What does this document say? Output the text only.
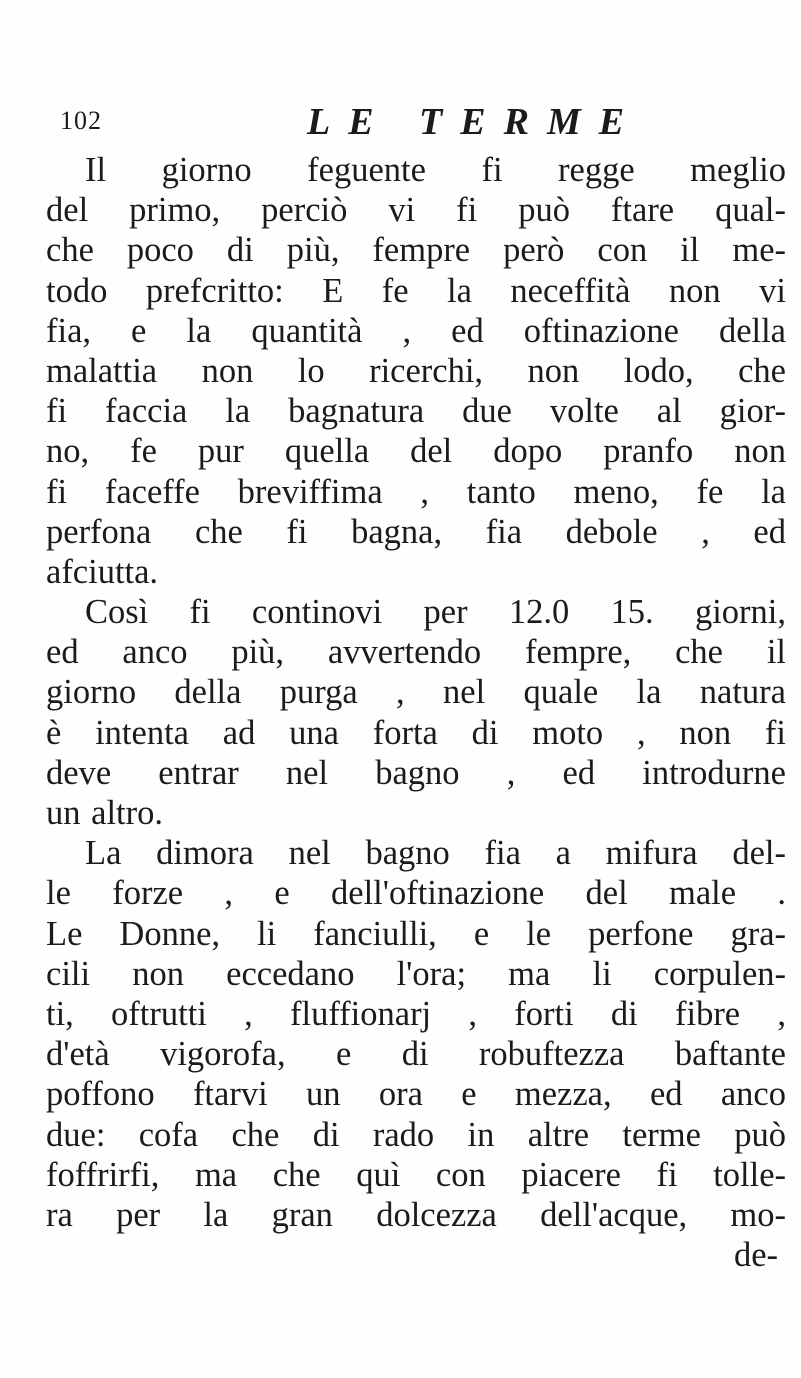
102	LE TERME
Il giorno feguente fi regge meglio
del primo, perciò vi fi può ftare qual-
che poco di più, fempre però con il me-
todo prefcritto: E fe la neceffità non vi
fia, e la quantità , ed oftinazione della
malattia non lo ricerchi, non lodo, che
fi faccia la bagnatura due volte al gior-
no, fe pur quella del dopo pranfo non
fi faceffe breviffima , tanto meno, fe la
perfona che fi bagna, fia debole , ed
afciutta.
Così fi continovi per 12.0 15. giorni,
ed anco più, avvertendo fempre, che il
giorno della purga , nel quale la natura
è intenta ad una forta di moto , non fi
deve entrar nel bagno , ed introdurne
un altro.
La dimora nel bagno fia a mifura del-
le forze , e dell'oftinazione del male .
Le Donne, li fanciulli, e le perfone gra-
cili non eccedano l'ora; ma li corpulen-
ti, oftrutti , fluffionarj , forti di fibre ,
d'età vigorofa, e di robuftezza baftante
poffono ftarvi un ora e mezza, ed anco
due: cofa che di rado in altre terme può
foffrirfi, ma che quì con piacere fi tolle-
ra per la gran dolcezza dell'acque, mo-
de-
